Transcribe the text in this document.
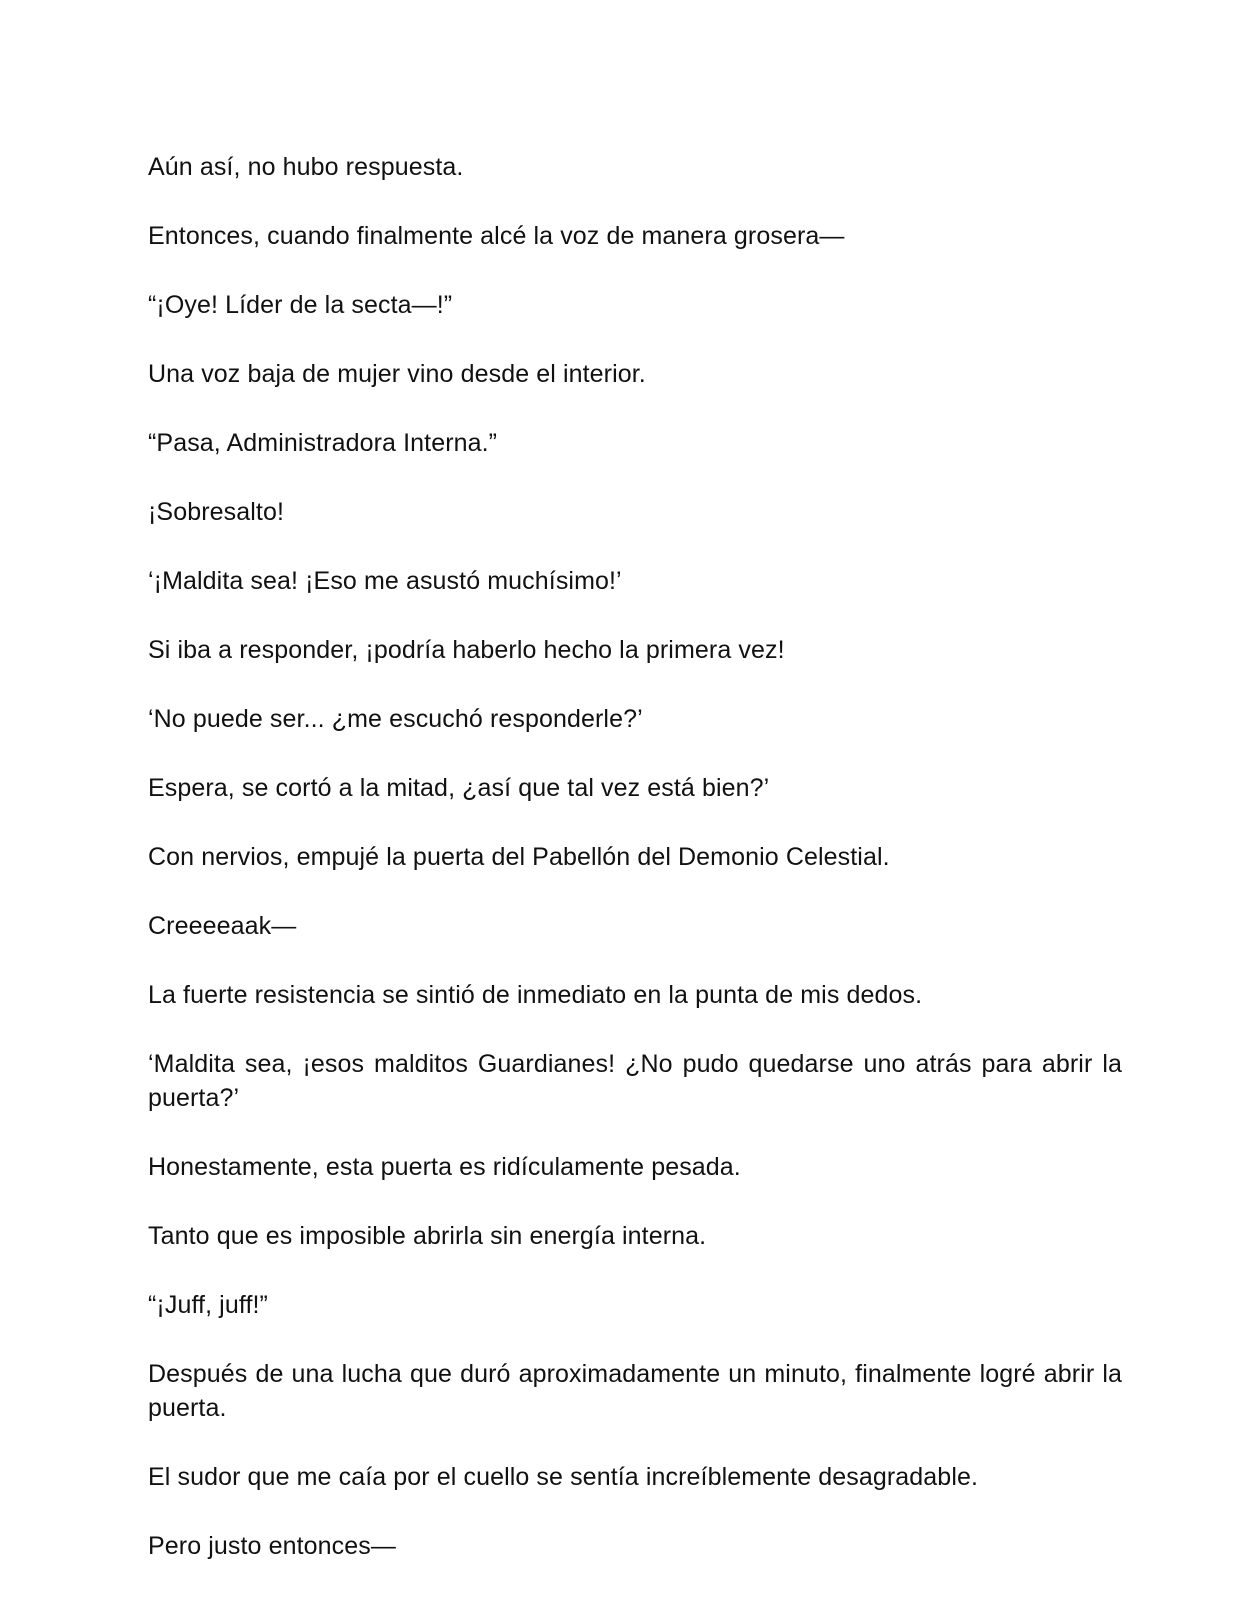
Aún así, no hubo respuesta.

Entonces, cuando finalmente alcé la voz de manera grosera—

“¡Oye! Líder de la secta—!”

Una voz baja de mujer vino desde el interior.

“Pasa, Administradora Interna.”

¡Sobresalto!

‘¡Maldita sea! ¡Eso me asustó muchísimo!’

Si iba a responder, ¡podría haberlo hecho la primera vez!

‘No puede ser... ¿me escuchó responderle?’

Espera, se cortó a la mitad, ¿así que tal vez está bien?’

Con nervios, empujé la puerta del Pabellón del Demonio Celestial.

Creeeeaak—

La fuerte resistencia se sintió de inmediato en la punta de mis dedos.

‘Maldita sea, ¡esos malditos Guardianes! ¿No pudo quedarse uno atrás para abrir la puerta?’

Honestamente, esta puerta es ridículamente pesada.

Tanto que es imposible abrirla sin energía interna.

“¡Juff, juff!”

Después de una lucha que duró aproximadamente un minuto, finalmente logré abrir la puerta.

El sudor que me caía por el cuello se sentía increíblemente desagradable.

Pero justo entonces—
